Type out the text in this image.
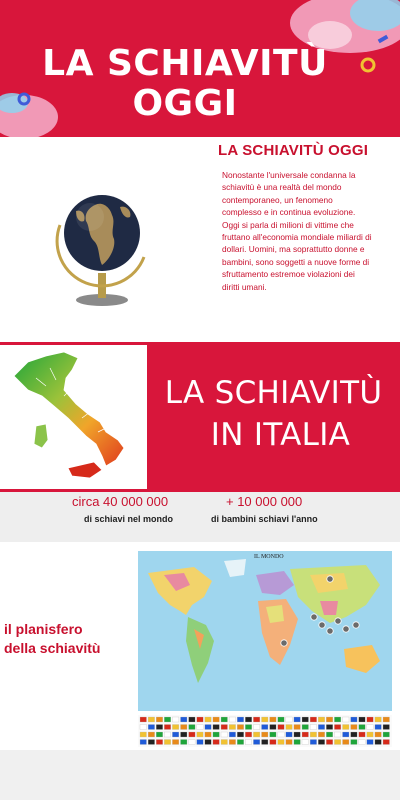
LA SCHIAVITÙ
OGGI
LA SCHIAVITÙ OGGI

Nonostante l'universale condanna la schiavitù è una realtà del mondo contemporaneo, un fenomeno complesso e in continua evoluzione. Oggi si parla di milioni di vittime che fruttano all'economia mondiale miliardi di dollari. Uomini, ma soprattutto donne e bambini, sono soggetti a nuove forme di sfruttamento estremoe violazioni dei diritti umani.

LA SCHIAVITÙ
IN ITALIA
circa 40 000 000
di schiavi nel mondo
+ 10 000 000
di bambini schiavi l'anno
il planisfero
della schiavitù
IL MONDO
